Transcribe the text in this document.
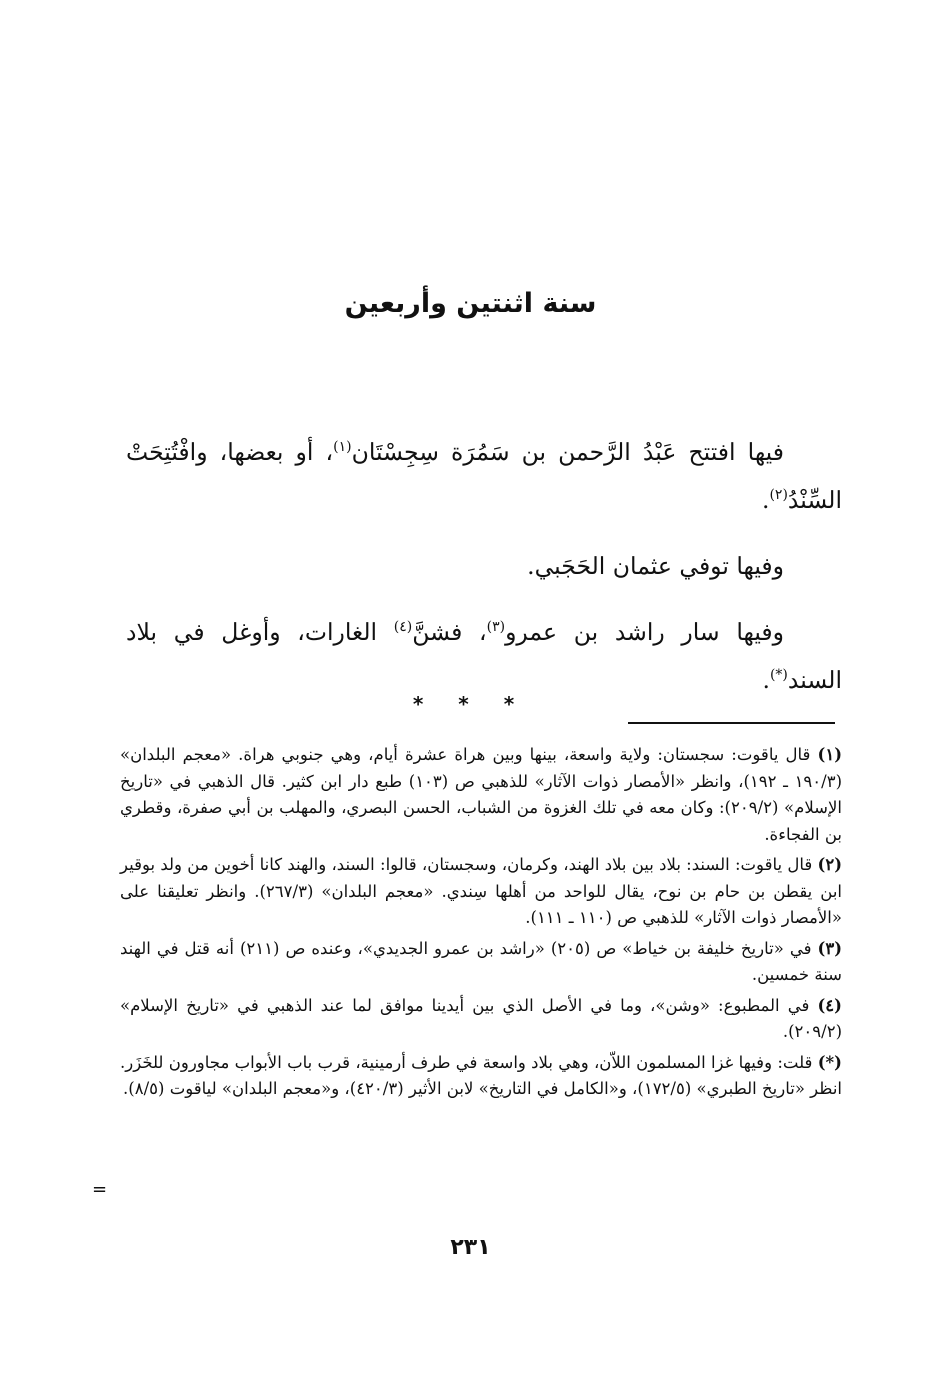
سنة اثنتين وأربعين

فيها افتتح عَبْدُ الرَّحمن بن سَمُرَة سِجِسْتَان$^{(١)}$، أو بعضها، وافْتُتِحَتْ السِّنْدُ$^{(٢)}$.

وفيها توفي عثمان الحَجَبي.

وفيها سار راشد بن عمرو$^{(٣)}$، فشنَّ$^{(٤)}$ الغارات، وأوغل في بلاد السند(*).

* * *
(١) قال ياقوت: سجستان: ولاية واسعة، بينها وبين هراة عشرة أيام، وهي جنوبي هراة. «معجم البلدان» (١٩٠/٣ ـ ١٩٢)، وانظر «الأمصار ذوات الآثار» للذهبي ص (١٠٣) طبع دار ابن كثير. قال الذهبي في «تاريخ الإسلام» (٢٠٩/٢): وكان معه في تلك الغزوة من الشباب، الحسن البصري، والمهلب بن أبي صفرة، وقطري بن الفجاءة.
(٢) قال ياقوت: السند: بلاد بين بلاد الهند، وكرمان، وسجستان، قالوا: السند، والهند كانا أخوين من ولد بوقير ابن يقطن بن حام بن نوح، يقال للواحد من أهلها سِندي. «معجم البلدان» (٢٦٧/٣). وانظر تعليقنا على «الأمصار ذوات الآثار» للذهبي ص (١١٠ ـ ١١١).
(٣) في «تاريخ خليفة بن خياط» ص (٢٠٥) «راشد بن عمرو الجديدي»، وعنده ص (٢١١) أنه قتل في الهند سنة خمسين.
(٤) في المطبوع: «وشن»، وما في الأصل الذي بين أيدينا موافق لما عند الذهبي في «تاريخ الإسلام» (٢٠٩/٢).
(*) قلت: وفيها غزا المسلمون اللاّن، وهي بلاد واسعة في طرف أرمينية، قرب باب الأبواب مجاورون للخَزَر. انظر «تاريخ الطبري» (١٧٢/٥)، و«الكامل في التاريخ» لابن الأثير (٤٢٠/٣)، و«معجم البلدان» لياقوت (٨/٥).
=
٢٣١
